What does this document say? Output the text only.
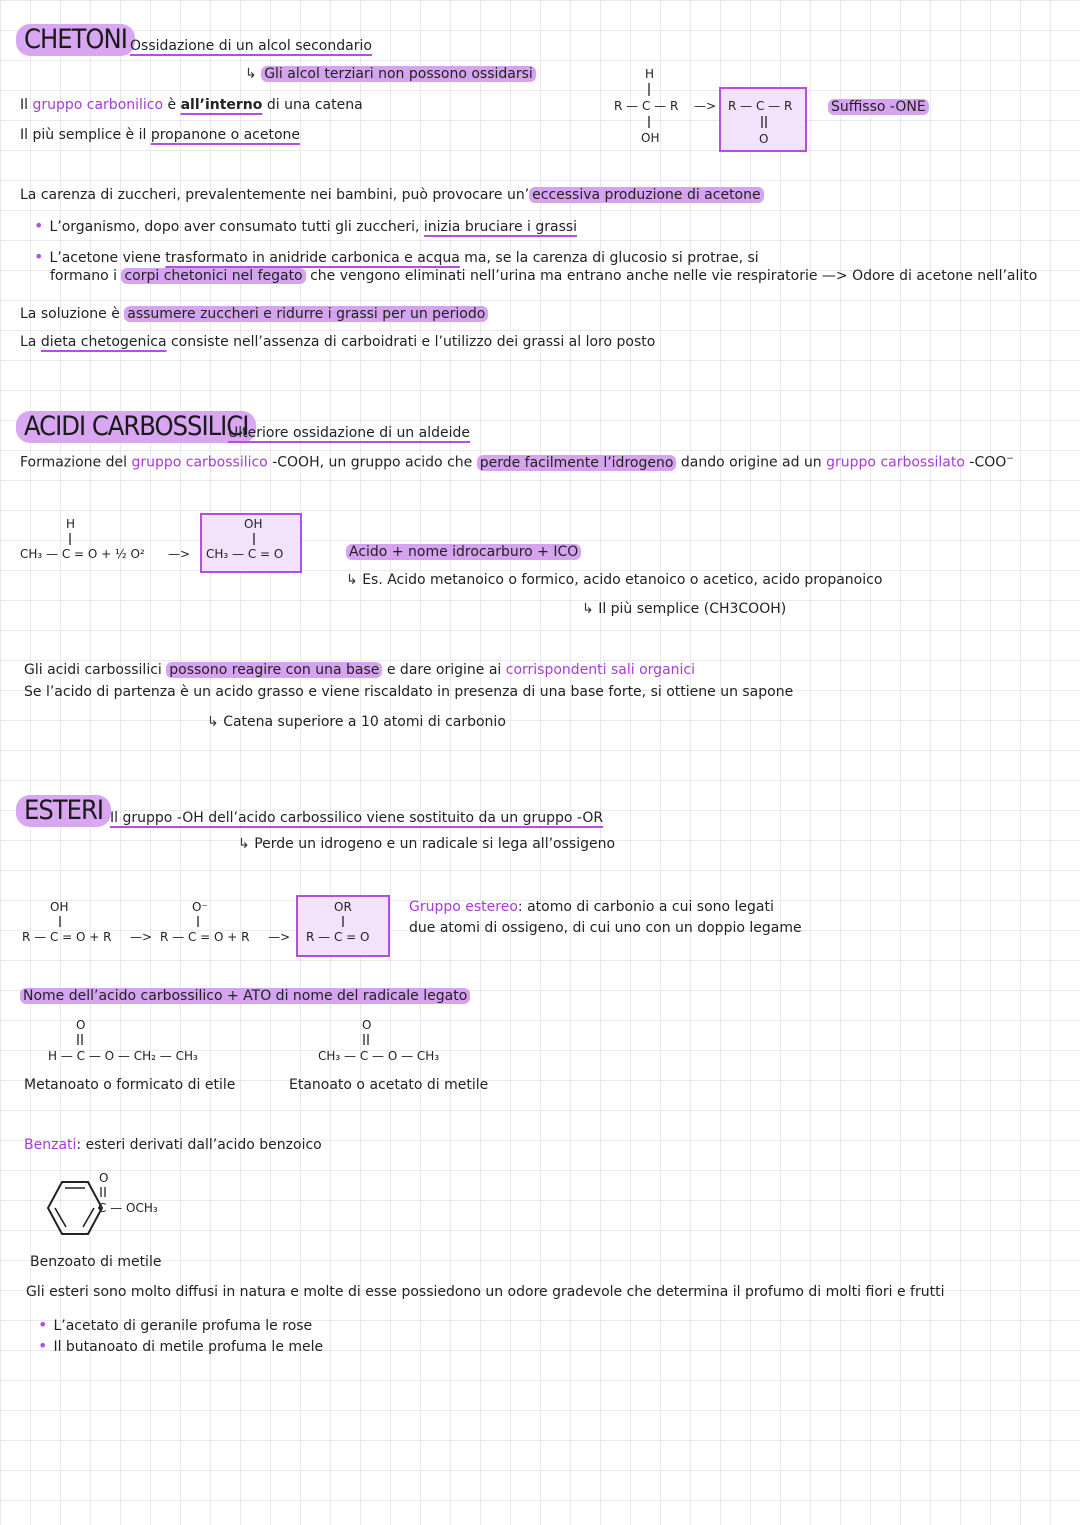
CHETONI Ossidazione di un alcol secondario
↳ Gli alcol terziari non possono ossidarsi
Il gruppo carbonilico è all’interno di una catena
Il più semplice è il propanone o acetone
H
R — C — R
OH
—> R — C — R
O
Suffisso -ONE
La carenza di zuccheri, prevalentemente nei bambini, può provocare un’ eccessiva produzione di acetone
• L’organismo, dopo aver consumato tutti gli zuccheri, inizia bruciare i grassi
• L’acetone viene trasformato in anidride carbonica e acqua ma, se la carenza di glucosio si protrae, si
formano i corpi chetonici nel fegato che vengono eliminati nell’urina ma entrano anche nelle vie respiratorie —> Odore di acetone nell’alito
La soluzione è assumere zuccheri e ridurre i grassi per un periodo
La dieta chetogenica consiste nell’assenza di carboidrati e l’utilizzo dei grassi al loro posto
ACIDI CARBOSSILICI
Ulteriore ossidazione di un aldeide
Formazione del gruppo carbossilico -COOH, un gruppo acido che perde facilmente l’idrogeno dando origine ad un gruppo carbossilato -COO−
H
CH₃ — C = O + ½ O² —>
OH
CH₃ — C = O	Acido + nome idrocarburo + ICO
↳ Es. Acido metanoico o formico, acido etanoico o acetico, acido propanoico
↳ Il più semplice (CH3COOH)
Gli acidi carbossilici possono reagire con una base e dare origine ai corrispondenti sali organici
Se l’acido di partenza è un acido grasso e viene riscaldato in presenza di una base forte, si ottiene un sapone
↳ Catena superiore a 10 atomi di carbonio
ESTERI Il gruppo -OH dell’acido carbossilico viene sostituito da un gruppo -OR
↳ Perde un idrogeno e un radicale si lega all’ossigeno
OH
R — C = O + R —>
O⁻
R — C = O + R —>
OR
R — C = O
Gruppo estereo: atomo di carbonio a cui sono legati
due atomi di ossigeno, di cui uno con un doppio legame
Nome dell’acido carbossilico + ATO di nome del radicale legato
O
H — C — O — CH₂ — CH₃
O
CH₃ — C — O — CH₃
Metanoato o formicato di etile	Etanoato o acetato di metile
Benzati: esteri derivati dall’acido benzoico
O
C — OCH₃
Benzoato di metile
Gli esteri sono molto diffusi in natura e molte di esse possiedono un odore gradevole che determina il profumo di molti fiori e frutti
• L’acetato di geranile profuma le rose
• Il butanoato di metile profuma le mele
